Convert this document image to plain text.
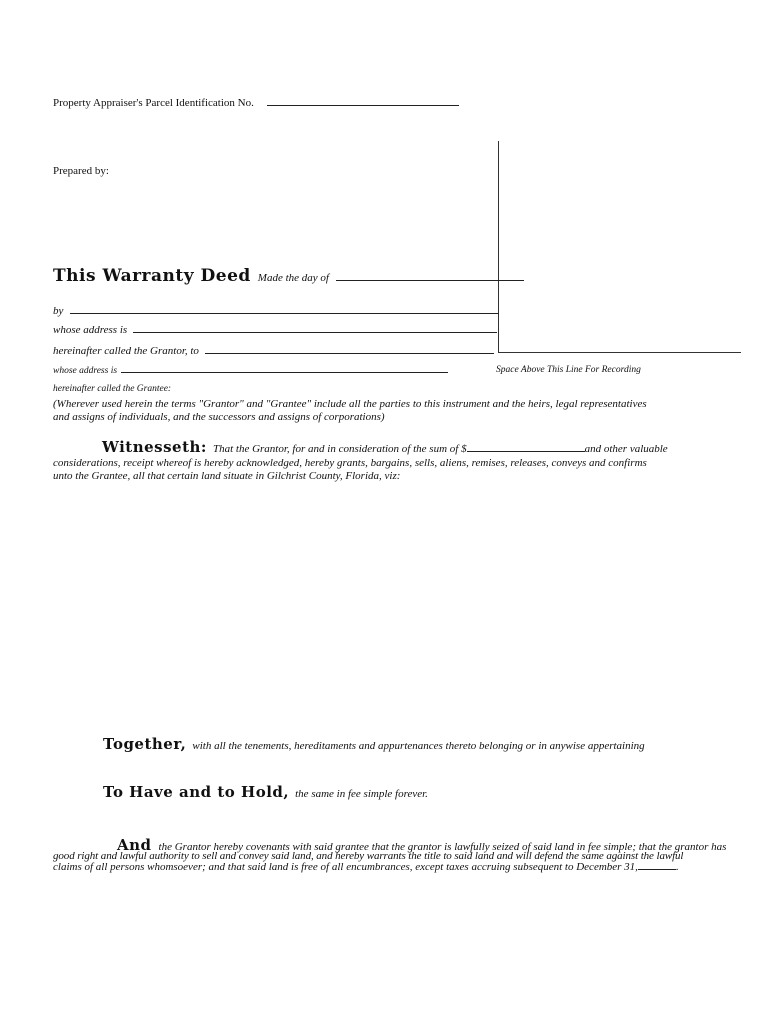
Property Appraiser's Parcel Identification No.
Prepared by:
Space Above This Line For Recording
This Warranty Deed Made the day of
by
whose address is
hereinafter called the Grantor, to
whose address is
hereinafter called the Grantee:
(Wherever used herein the terms "Grantor" and "Grantee" include all the parties to this instrument and the heirs, legal representatives
and assigns of individuals, and the successors and assigns of corporations)
Witnesseth: That the Grantor, for and in consideration of the sum of $	and other valuable
considerations, receipt whereof is hereby acknowledged, hereby grants, bargains, sells, aliens, remises, releases, conveys and confirms
unto the Grantee, all that certain land situate in Gilchrist County, Florida, viz:
Together, with all the tenements, hereditaments and appurtenances thereto belonging or in anywise appertaining
To Have and to Hold, the same in fee simple forever.
And the Grantor hereby covenants with said grantee that the grantor is lawfully seized of said land in fee simple; that the grantor has
good right and lawful authority to sell and convey said land, and hereby warrants the title to said land and will defend the same against the lawful
claims of all persons whomsoever; and that said land is free of all encumbrances, except taxes accruing subsequent to December 31,	.
